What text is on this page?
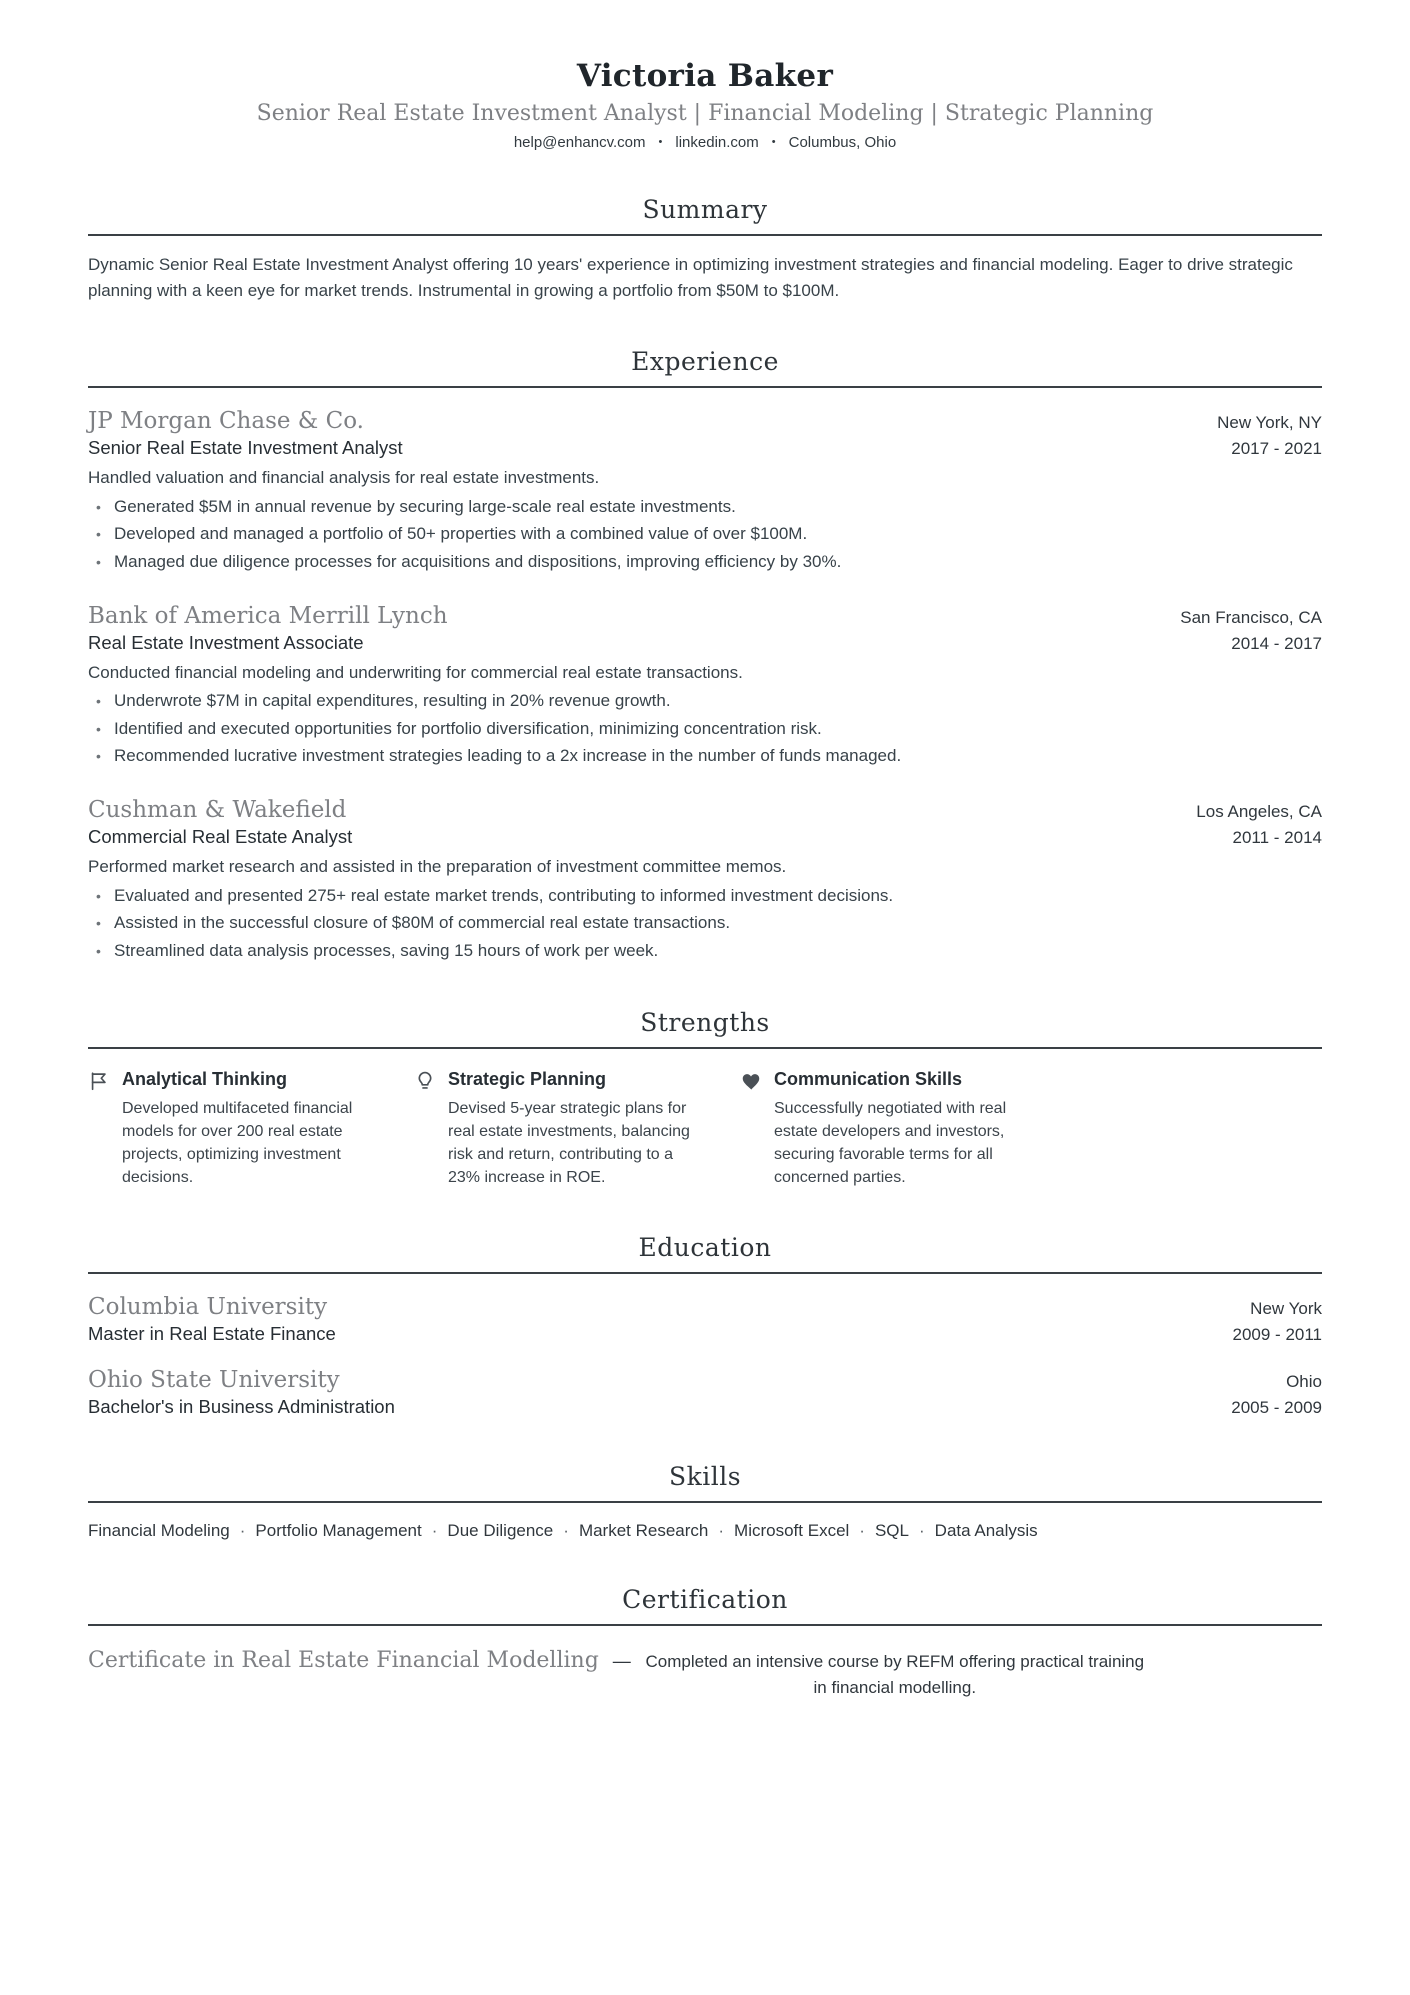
Victoria Baker
Senior Real Estate Investment Analyst | Financial Modeling | Strategic Planning
help@enhancv.com • linkedin.com • Columbus, Ohio
Summary

Dynamic Senior Real Estate Investment Analyst offering 10 years' experience in optimizing investment strategies and financial modeling. Eager to drive strategic planning with a keen eye for market trends. Instrumental in growing a portfolio from $50M to $100M.

Experience
JP Morgan Chase & Co.	New York, NY
Senior Real Estate Investment Analyst	2017 - 2021

Handled valuation and financial analysis for real estate investments.

• Generated $5M in annual revenue by securing large-scale real estate investments.
• Developed and managed a portfolio of 50+ properties with a combined value of over $100M.
• Managed due diligence processes for acquisitions and dispositions, improving efficiency by 30%.
Bank of America Merrill Lynch	San Francisco, CA
Real Estate Investment Associate	2014 - 2017

Conducted financial modeling and underwriting for commercial real estate transactions.

• Underwrote $7M in capital expenditures, resulting in 20% revenue growth.
• Identified and executed opportunities for portfolio diversification, minimizing concentration risk.
• Recommended lucrative investment strategies leading to a 2x increase in the number of funds managed.
Cushman & Wakefield	Los Angeles, CA
Commercial Real Estate Analyst	2011 - 2014

Performed market research and assisted in the preparation of investment committee memos.

• Evaluated and presented 275+ real estate market trends, contributing to informed investment decisions.
• Assisted in the successful closure of $80M of commercial real estate transactions.
• Streamlined data analysis processes, saving 15 hours of work per week.
Strengths
Analytical Thinking

Developed multifaceted financial models for over 200 real estate projects, optimizing investment decisions.

Strategic Planning

Devised 5-year strategic plans for real estate investments, balancing risk and return, contributing to a 23% increase in ROE.

Communication Skills

Successfully negotiated with real estate developers and investors, securing favorable terms for all concerned parties.

Education
Columbia University	New York
Master in Real Estate Finance	2009 - 2011
Ohio State University	Ohio
Bachelor's in Business Administration	2005 - 2009
Skills
Financial Modeling · Portfolio Management · Due Diligence · Market Research · Microsoft Excel · SQL · Data Analysis
Certification
Certificate in Real Estate Financial Modelling — Completed an intensive course by REFM offering practical training in financial modelling.
